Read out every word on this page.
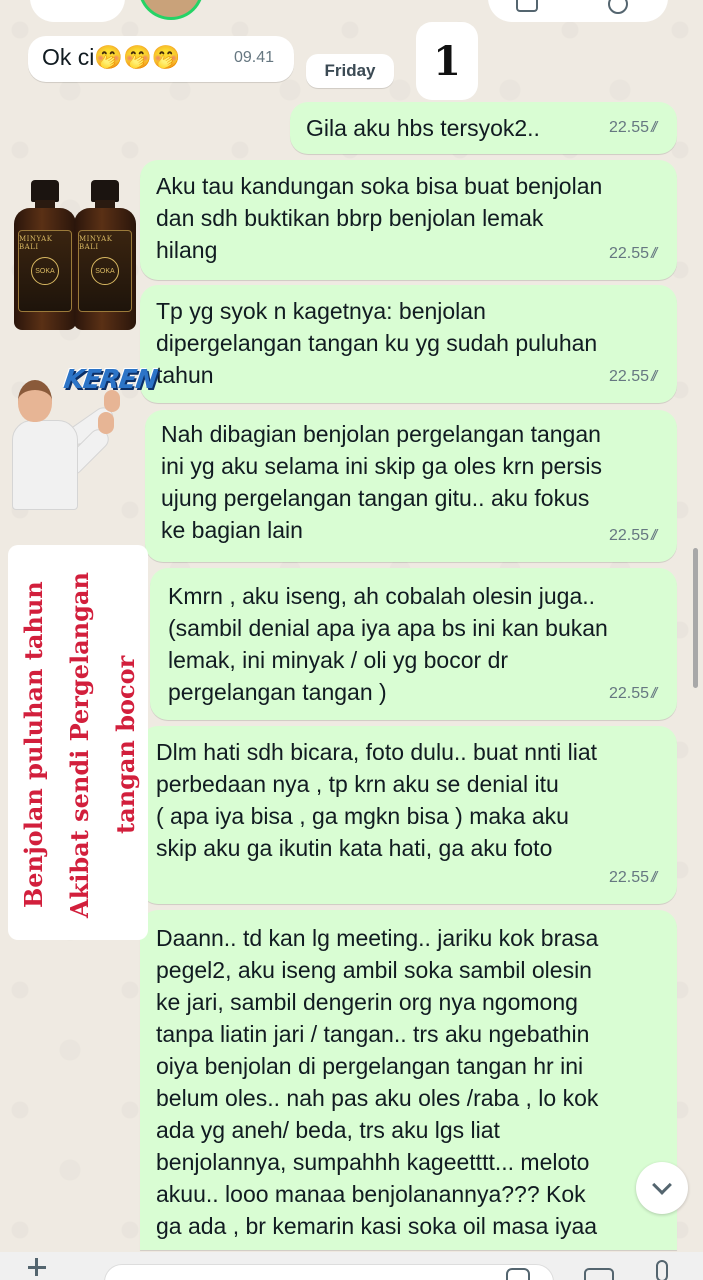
Ok ci🤭🤭🤭	09.41
Friday	1
Gila aku hbs tersyok2..	22.55
Aku tau kandungan soka bisa buat benjolan
dan sdh buktikan bbrp benjolan lemak
hilang	22.55
Tp yg syok n kagetnya: benjolan
dipergelangan tangan ku yg sudah puluhan
tahun	22.55
Nah dibagian benjolan pergelangan tangan
ini yg aku selama ini skip ga oles krn persis
ujung pergelangan tangan gitu.. aku fokus
ke bagian lain	22.55
Kmrn , aku iseng, ah cobalah olesin juga..
(sambil denial apa iya apa bs ini kan bukan
lemak, ini minyak / oli yg bocor dr
pergelangan tangan )	22.55
Dlm hati sdh bicara, foto dulu.. buat nnti liat
perbedaan nya , tp krn aku se denial itu
( apa iya bisa , ga mgkn bisa ) maka aku
skip aku ga ikutin kata hati, ga aku foto
22.55
Daann.. td kan lg meeting.. jariku kok brasa
pegel2, aku iseng ambil soka sambil olesin
ke jari, sambil dengerin org nya ngomong
tanpa liatin jari / tangan.. trs aku ngebathin
oiya benjolan di pergelangan tangan hr ini
belum oles.. nah pas aku oles /raba , lo kok
ada yg aneh/ beda, trs aku lgs liat
benjolannya, sumpahhh kageetttt... meloto
akuu.. looo manaa benjolanannya??? Kok
ga ada , br kemarin kasi soka oil masa iyaa
MINYAK BALI
SOKA
MINYAK BALI
SOKA
KEREN
Benjolan puluhan tahun Akibat sendi Pergelangan tangan bocor
